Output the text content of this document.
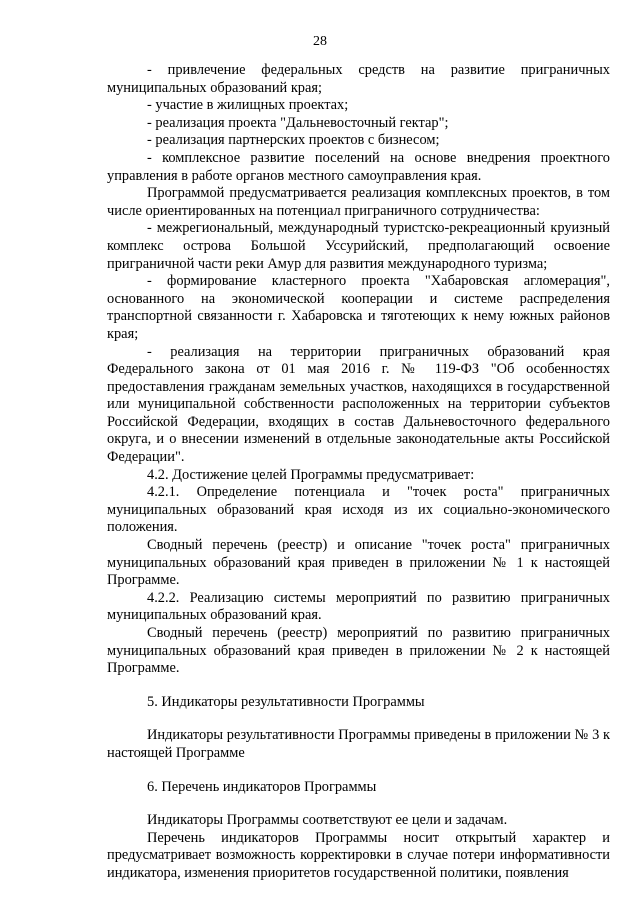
28

- привлечение федеральных средств на развитие приграничных муниципальных образований края;

- участие в жилищных проектах;

- реализация проекта "Дальневосточный гектар";

- реализация партнерских проектов с бизнесом;

- комплексное развитие поселений на основе внедрения проектного управления в работе органов местного самоуправления края.

Программой предусматривается реализация комплексных проектов, в том числе ориентированных на потенциал приграничного сотрудничества:

- межрегиональный, международный туристско-рекреационный круизный комплекс острова Большой Уссурийский, предполагающий освоение приграничной части реки Амур для развития международного туризма;

- формирование кластерного проекта "Хабаровская агломерация", основанного на экономической кооперации и системе распределения транспортной связанности г. Хабаровска и тяготеющих к нему южных районов края;

- реализация на территории приграничных образований края Федерального закона от 01 мая 2016 г. № 119-ФЗ "Об особенностях предоставления гражданам земельных участков, находящихся в государственной или муниципальной собственности расположенных на территории субъектов Российской Федерации, входящих в состав Дальневосточного федерального округа, и о внесении изменений в отдельные законодательные акты Российской Федерации".

4.2. Достижение целей Программы предусматривает:

4.2.1. Определение потенциала и "точек роста" приграничных муниципальных образований края исходя из их социально-экономического положения.

Сводный перечень (реестр) и описание "точек роста" приграничных муниципальных образований края приведен в приложении № 1 к настоящей Программе.

4.2.2. Реализацию системы мероприятий по развитию приграничных муниципальных образований края.

Сводный перечень (реестр) мероприятий по развитию приграничных муниципальных образований края приведен в приложении № 2 к настоящей Программе.

5. Индикаторы результативности Программы

Индикаторы результативности Программы приведены в приложении № 3 к настоящей Программе

6. Перечень индикаторов Программы

Индикаторы Программы соответствуют ее цели и задачам.

Перечень индикаторов Программы носит открытый характер и предусматривает возможность корректировки в случае потери информативности индикатора, изменения приоритетов государственной политики, появления
